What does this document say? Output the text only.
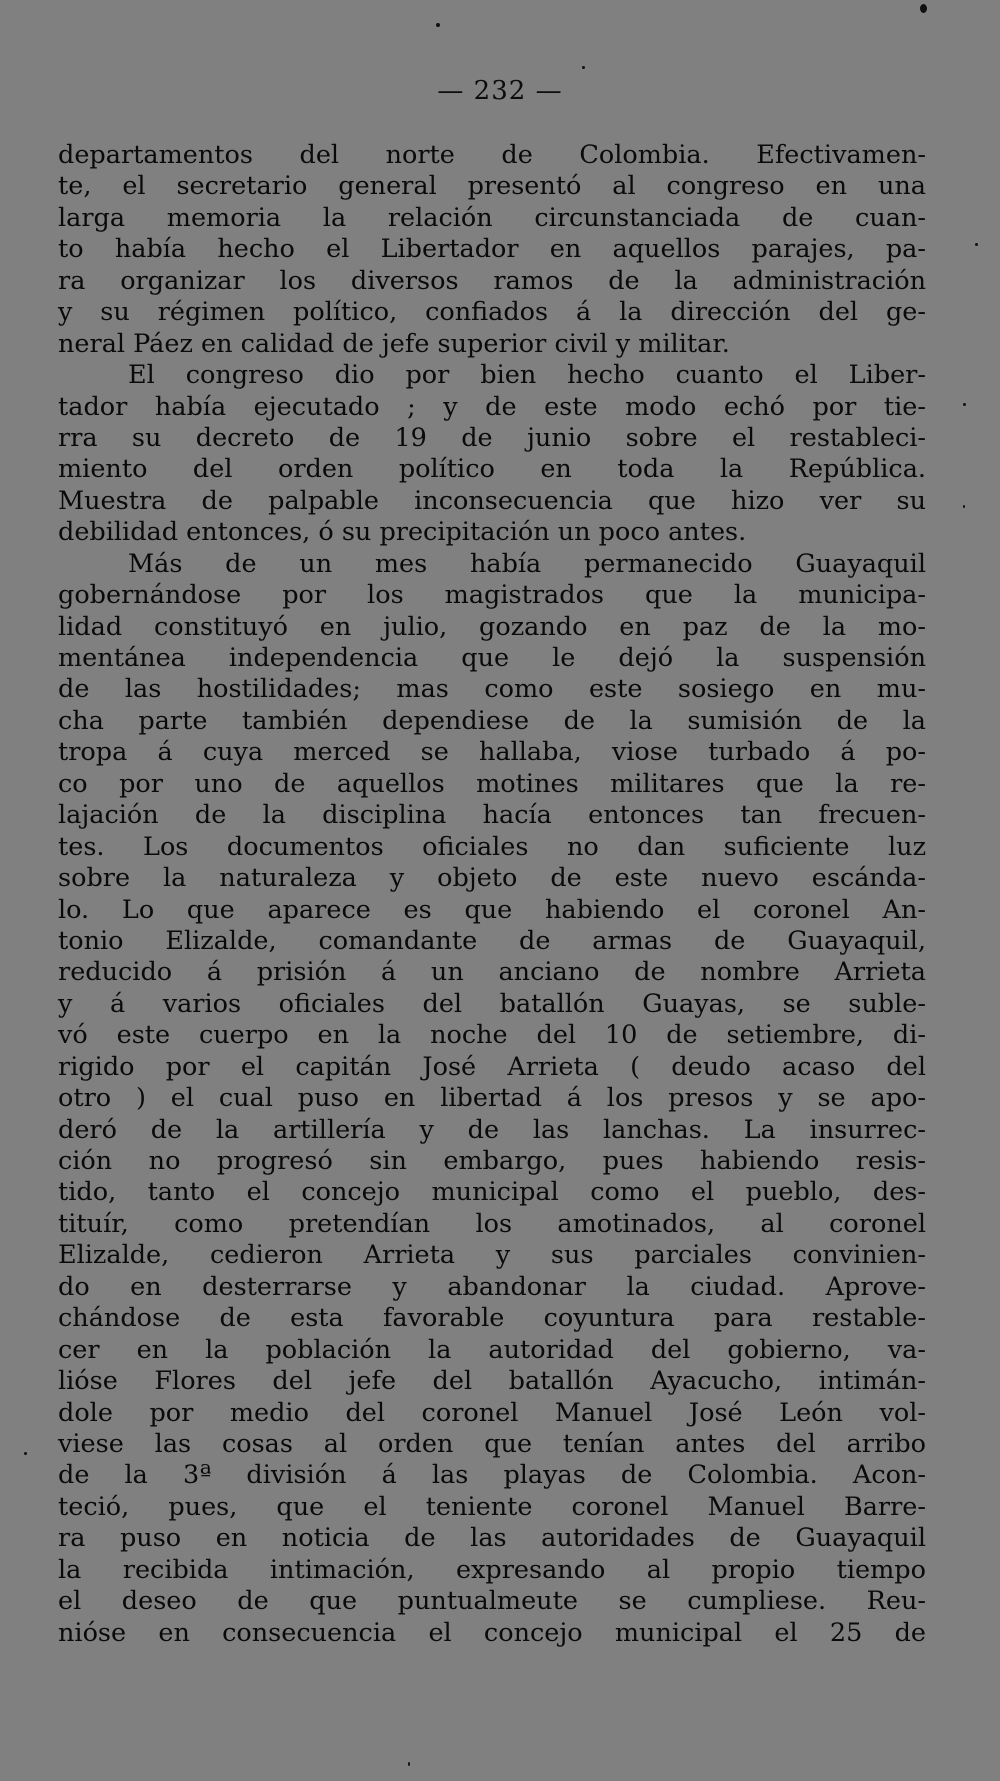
— 232 —
departamentos del norte de Colombia. Efectivamen-
te, el secretario general presentó al congreso en una
larga memoria la relación circunstanciada de cuan-
to había hecho el Libertador en aquellos parajes, pa-
ra organizar los diversos ramos de la administración
y su régimen político, confiados á la dirección del ge-
neral Páez en calidad de jefe superior civil y militar.
El congreso dio por bien hecho cuanto el Liber-
tador había ejecutado ; y de este modo echó por tie-
rra su decreto de 19 de junio sobre el restableci-
miento del orden político en toda la República.
Muestra de palpable inconsecuencia que hizo ver su
debilidad entonces, ó su precipitación un poco antes.
Más de un mes había permanecido Guayaquil
gobernándose por los magistrados que la municipa-
lidad constituyó en julio, gozando en paz de la mo-
mentánea independencia que le dejó la suspensión
de las hostilidades; mas como este sosiego en mu-
cha parte también dependiese de la sumisión de la
tropa á cuya merced se hallaba, viose turbado á po-
co por uno de aquellos motines militares que la re-
lajación de la disciplina hacía entonces tan frecuen-
tes. Los documentos oficiales no dan suficiente luz
sobre la naturaleza y objeto de este nuevo escánda-
lo. Lo que aparece es que habiendo el coronel An-
tonio Elizalde, comandante de armas de Guayaquil,
reducido á prisión á un anciano de nombre Arrieta
y á varios oficiales del batallón Guayas, se suble-
vó este cuerpo en la noche del 10 de setiembre, di-
rigido por el capitán José Arrieta ( deudo acaso del
otro ) el cual puso en libertad á los presos y se apo-
deró de la artillería y de las lanchas. La insurrec-
ción no progresó sin embargo, pues habiendo resis-
tido, tanto el concejo municipal como el pueblo, des-
tituír, como pretendían los amotinados, al coronel
Elizalde, cedieron Arrieta y sus parciales convinien-
do en desterrarse y abandonar la ciudad. Aprove-
chándose de esta favorable coyuntura para restable-
cer en la población la autoridad del gobierno, va-
lióse Flores del jefe del batallón Ayacucho, intimán-
dole por medio del coronel Manuel José León vol-
viese las cosas al orden que tenían antes del arribo
de la 3ª división á las playas de Colombia. Acon-
teció, pues, que el teniente coronel Manuel Barre-
ra puso en noticia de las autoridades de Guayaquil
la recibida intimación, expresando al propio tiempo
el deseo de que puntualmeute se cumpliese. Reu-
nióse en consecuencia el concejo municipal el 25 de
